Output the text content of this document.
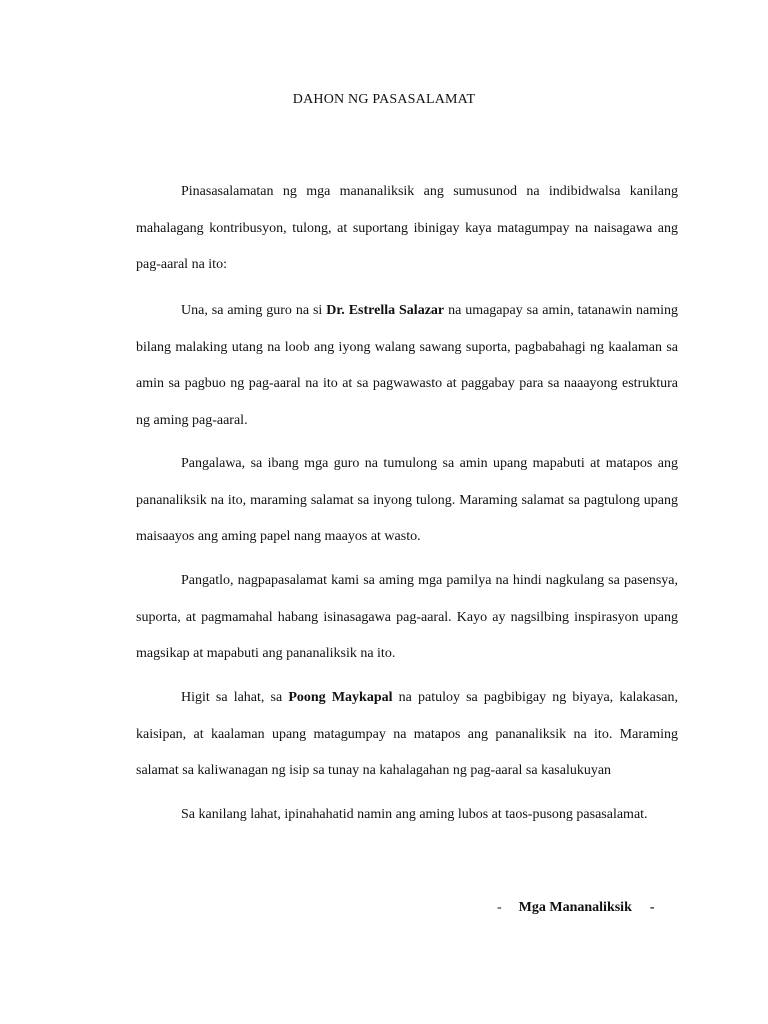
DAHON NG PASASALAMAT

Pinasasalamatan ng mga mananaliksik ang sumusunod na indibidwalsa kanilang mahalagang kontribusyon, tulong, at suportang ibinigay kaya matagumpay na naisagawa ang pag-aaral na ito:

Una, sa aming guro na si Dr. Estrella Salazar na umagapay sa amin, tatanawin naming bilang malaking utang na loob ang iyong walang sawang suporta, pagbabahagi ng kaalaman sa amin sa pagbuo ng pag-aaral na ito at sa pagwawasto at paggabay para sa naaayong estruktura ng aming pag-aaral.

Pangalawa, sa ibang mga guro na tumulong sa amin upang mapabuti at matapos ang pananaliksik na ito, maraming salamat sa inyong tulong. Maraming salamat sa pagtulong upang maisaayos ang aming papel nang maayos at wasto.

Pangatlo, nagpapasalamat kami sa aming mga pamilya na hindi nagkulang sa pasensya, suporta, at pagmamahal habang isinasagawa pag-aaral. Kayo ay nagsilbing inspirasyon upang magsikap at mapabuti ang pananaliksik na ito.

Higit sa lahat, sa Poong Maykapal na patuloy sa pagbibigay ng biyaya, kalakasan, kaisipan, at kaalaman upang matagumpay na matapos ang pananaliksik na ito. Maraming salamat sa kaliwanagan ng isip sa tunay na kahalagahan ng pag-aaral sa kasalukuyan

Sa kanilang lahat, ipinahahatid namin ang aming lubos at taos-pusong pasasalamat.

- Mga Mananaliksik -
